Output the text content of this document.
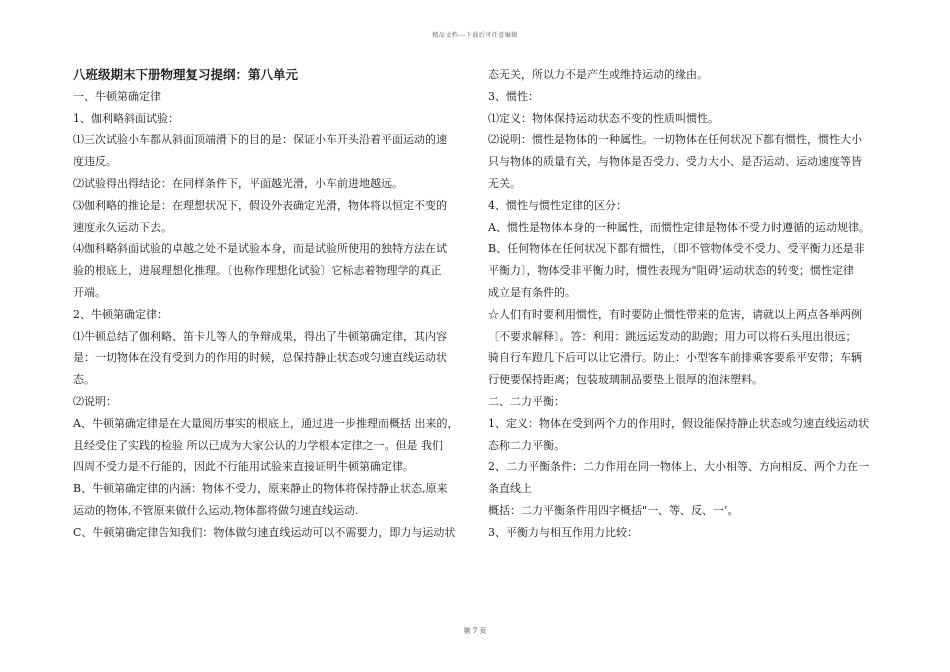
精品文档---下载后可任意编辑
八班级期末下册物理复习提纲：第八单元
一、牛顿第确定律
1、伽利略斜面试验：
⑴三次试验小车都从斜面顶端滑下的目的是：保证小车开头沿着平面运动的速
度违反。
⑵试验得出得结论：在同样条件下，平面越光滑，小车前进地越远。
⑶伽利略的推论是：在理想状况下，假设外表确定光滑，物体将以恒定不变的
速度永久运动下去。
⑷伽科略斜面试验的卓越之处不是试验本身，而是试验所使用的独特方法在试
验的根底上，进展理想化推理。〔也称作理想化试验〕它标志着物理学的真正
开端。
2、牛顿第确定律：
⑴牛顿总结了伽利略、笛卡儿等人的争辩成果，得出了牛顿第确定律，其内容
是：一切物体在没有受到力的作用的时候，总保持静止状态或匀速直线运动状
态。
⑵说明：
A、牛顿第确定律是在大量阅历事实的根底上，通过进一步推理而概括 出来的，
且经受住了实践的检验 所以已成为大家公认的力学根本定律之一。但是 我们
四周不受力是不行能的，因此不行能用试验来直接证明牛顿第确定律。
B、牛顿第确定律的内涵：物体不受力，原来静止的物体将保持静止状态,原来
运动的物体,不管原来做什么运动,物体都将做匀速直线运动.
C、牛顿第确定律告知我们：物体做匀速直线运动可以不需要力，即力与运动状
态无关，所以力不是产生或维持运动的缘由。
3、惯性：
⑴定义：物体保持运动状态不变的性质叫惯性。
⑵说明：惯性是物体的一种属性。一切物体在任何状况下都有惯性，惯性大小
只与物体的质量有关，与物体是否受力、受力大小、是否运动、运动速度等皆
无关。
4、惯性与惯性定律的区分：
A、惯性是物体本身的一种属性，而惯性定律是物体不受力时遵循的运动规律。
B、任何物体在任何状况下都有惯性，〔即不管物体受不受力、受平衡力还是非
平衡力〕，物体受非平衡力时，惯性表现为"阻碍’运动状态的转变；惯性定律
成立是有条件的。
☆人们有时要利用惯性，有时要防止惯性带来的危害，请就以上两点各举两例
〔不要求解释〕。答：利用：跳远运发动的助跑；用力可以将石头甩出很远；
骑自行车蹬几下后可以让它滑行。防止：小型客车前排乘客要系平安带；车辆
行使要保持距离；包装玻璃制品要垫上很厚的泡沫塑料。
二、二力平衡：
1、定义：物体在受到两个力的作用时，假设能保持静止状态或匀速直线运动状
态称二力平衡。
2、二力平衡条件：二力作用在同一物体上、大小相等、方向相反、两个力在一
条直线上
概括：二力平衡条件用四字概括"一、等、反、一’。
3、平衡力与相互作用力比较：
第 7 页
